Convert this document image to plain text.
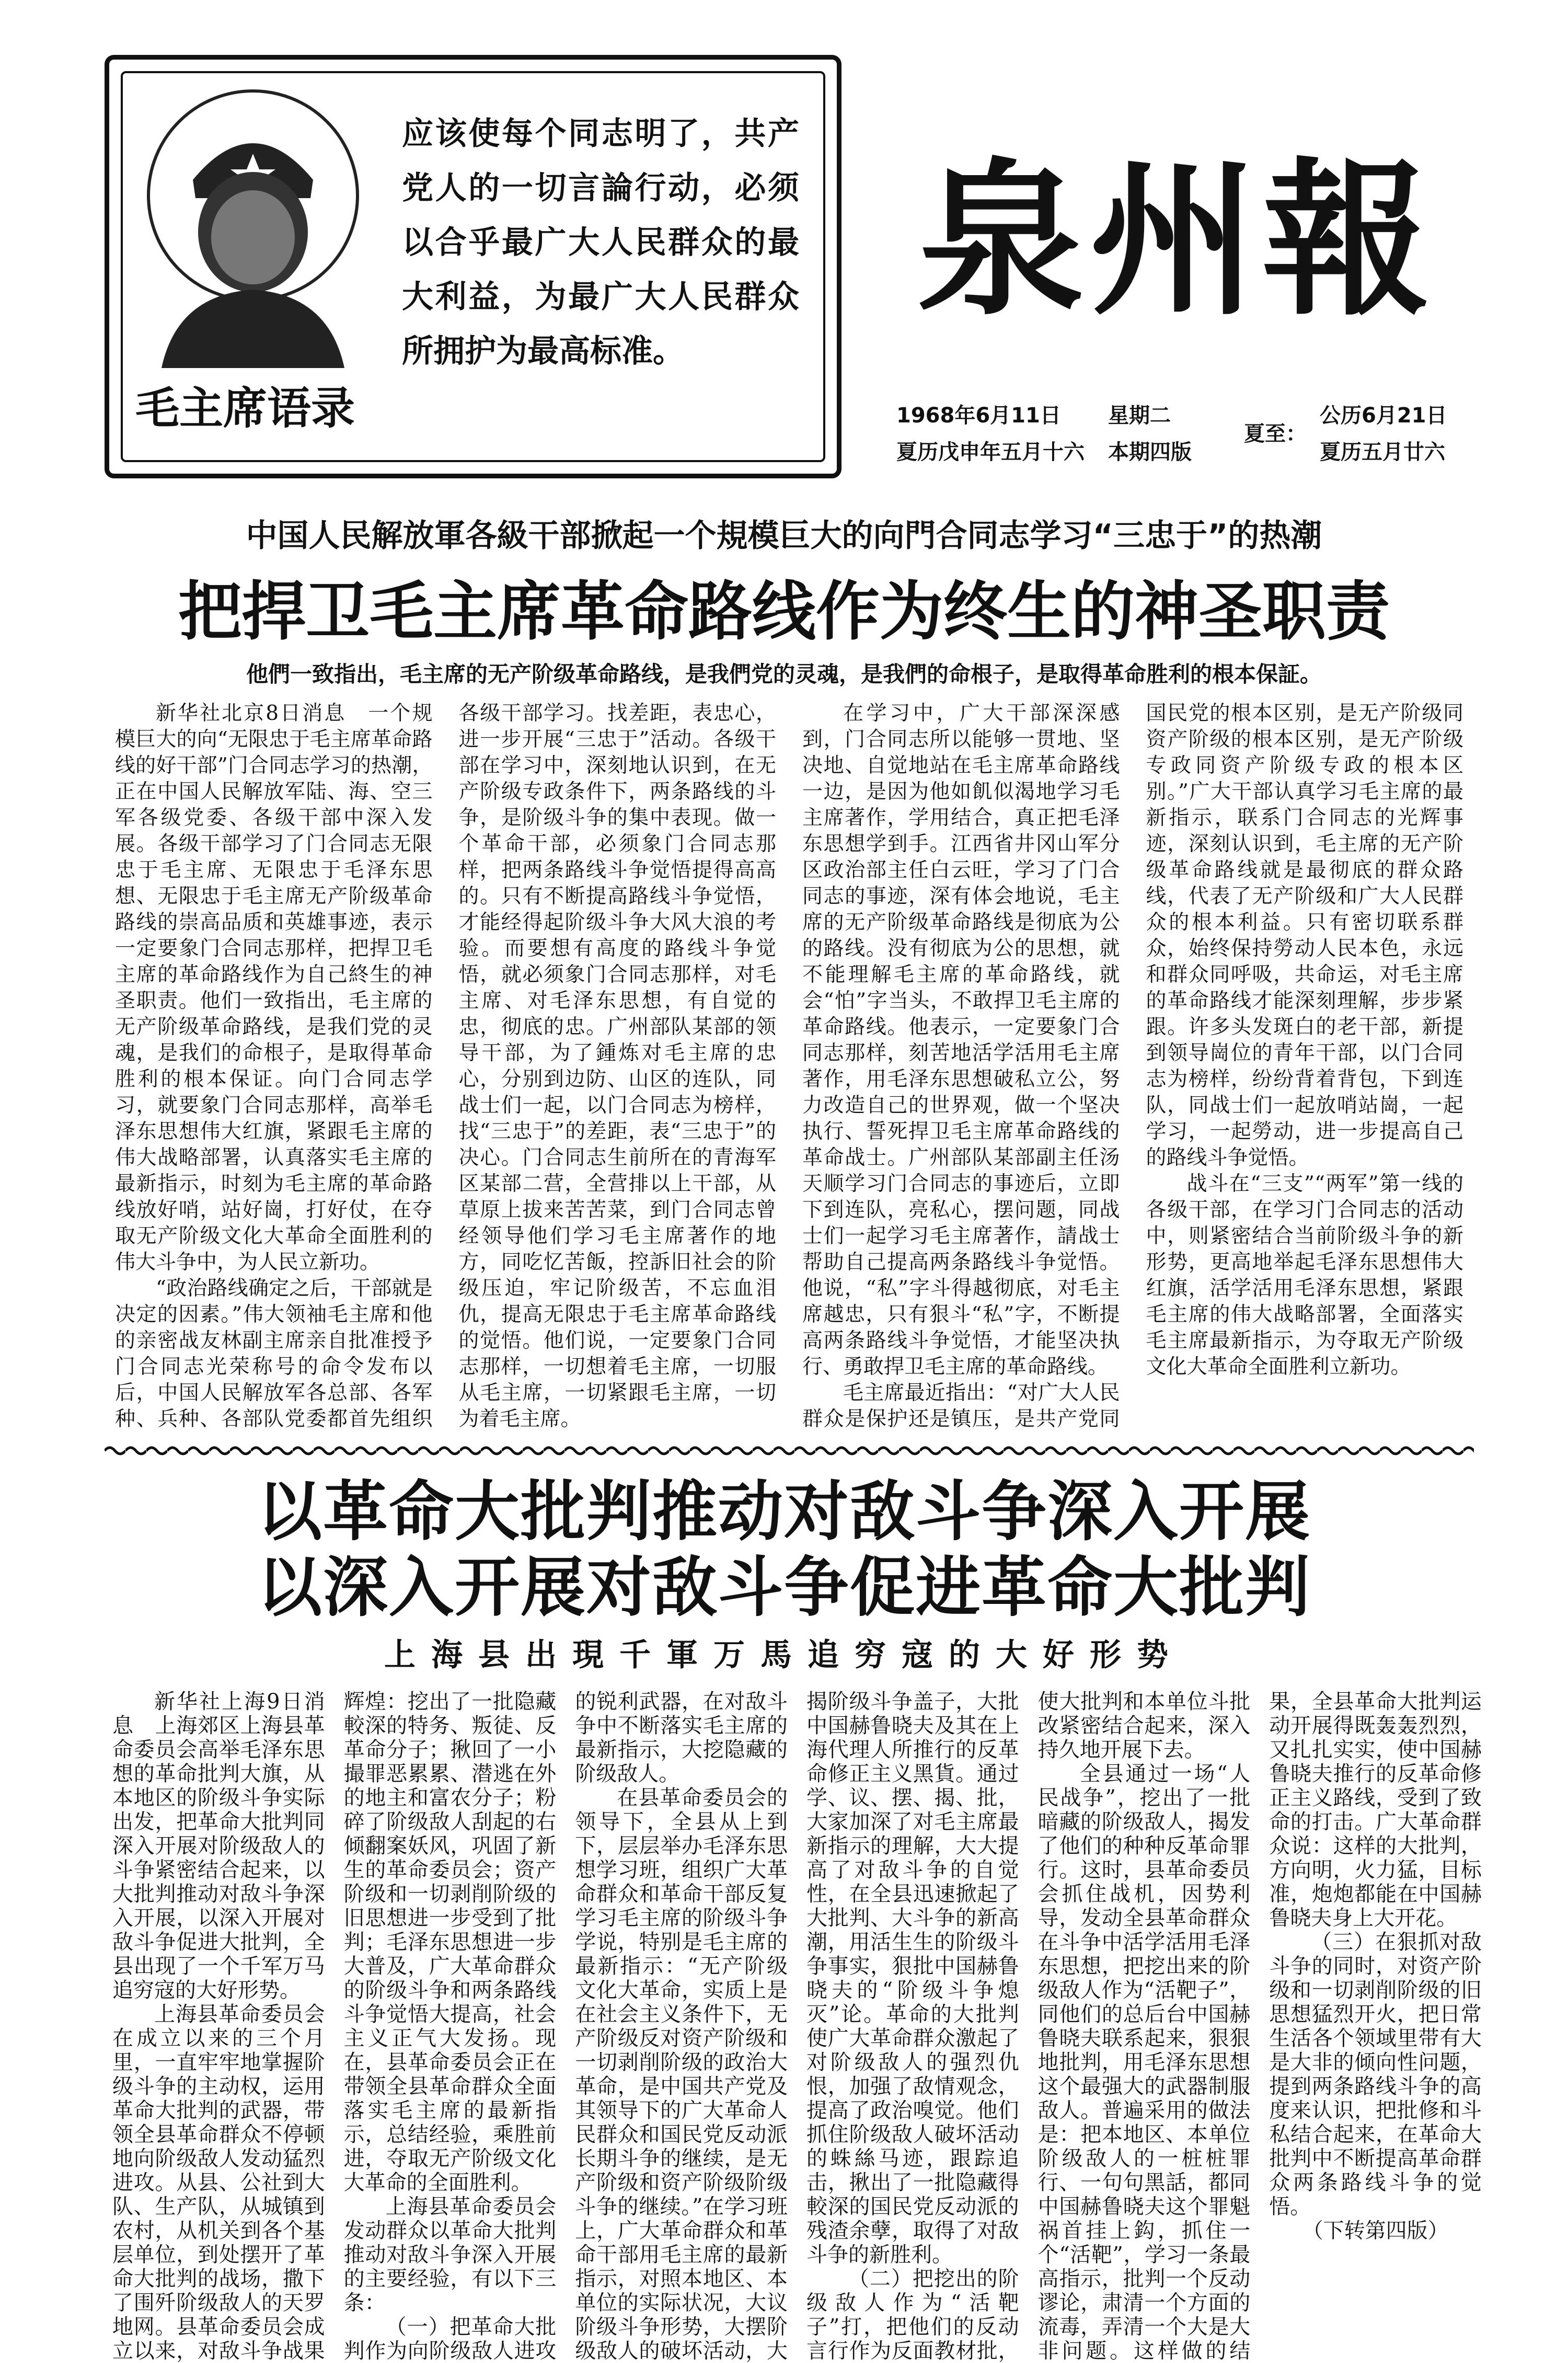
毛主席语录
应该使每个同志明了，共产党人的一切言論行动，必须以合乎最广大人民群众的最大利益，为最广大人民群众所拥护为最高标准。
泉州報
1968年6月11日 星期二
夏历戊申年五月十六 本期四版
夏至：
公历6月21日
夏历五月廿六
中国人民解放軍各級干部掀起一个規模巨大的向門合同志学习“三忠于”的热潮
把捍卫毛主席革命路线作为终生的神圣职责
他們一致指出，毛主席的无产阶级革命路线，是我們党的灵魂，是我們的命根子，是取得革命胜利的根本保証。

新华社北京8日消息　一个规模巨大的向“无限忠于毛主席革命路线的好干部”门合同志学习的热潮，正在中国人民解放军陆、海、空三军各级党委、各级干部中深入发展。各级干部学习了门合同志无限忠于毛主席、无限忠于毛泽东思想、无限忠于毛主席无产阶级革命路线的崇高品质和英雄事迹，表示一定要象门合同志那样，把捍卫毛主席的革命路线作为自己終生的神圣职责。他们一致指出，毛主席的无产阶级革命路线，是我们党的灵魂，是我们的命根子，是取得革命胜利的根本保证。向门合同志学习，就要象门合同志那样，高举毛泽东思想伟大红旗，紧跟毛主席的伟大战略部署，认真落实毛主席的最新指示，时刻为毛主席的革命路线放好哨，站好崗，打好仗，在夺取无产阶级文化大革命全面胜利的伟大斗争中，为人民立新功。

“政治路线确定之后，干部就是决定的因素。”伟大领袖毛主席和他的亲密战友林副主席亲自批准授予门合同志光荣称号的命令发布以后，中国人民解放军各总部、各军种、兵种、各部队党委都首先组织各级干部学习。找差距，表忠心，进一步开展“三忠于”活动。各级干部在学习中，深刻地认识到，在无产阶级专政条件下，两条路线的斗争，是阶级斗争的集中表现。做一个革命干部，必须象门合同志那样，把两条路线斗争觉悟提得高高的。只有不断提高路线斗争觉悟，才能经得起阶级斗争大风大浪的考验。而要想有高度的路线斗争觉悟，就必须象门合同志那样，对毛主席、对毛泽东思想，有自觉的忠，彻底的忠。广州部队某部的领导干部，为了鍾炼对毛主席的忠心，分别到边防、山区的连队，同战士们一起，以门合同志为榜样，找“三忠于”的差距，表“三忠于”的决心。门合同志生前所在的青海军区某部二营，全营排以上干部，从草原上拔来苦苦菜，到门合同志曾经领导他们学习毛主席著作的地方，同吃忆苦飯，控訴旧社会的阶级压迫，牢记阶级苦，不忘血泪仇，提高无限忠于毛主席革命路线的觉悟。他们说，一定要象门合同志那样，一切想着毛主席，一切服从毛主席，一切紧跟毛主席，一切为着毛主席。

在学习中，广大干部深深感到，门合同志所以能够一贯地、坚决地、自觉地站在毛主席革命路线一边，是因为他如飢似渴地学习毛主席著作，学用结合，真正把毛泽东思想学到手。江西省井冈山军分区政治部主任白云旺，学习了门合同志的事迹，深有体会地说，毛主席的无产阶级革命路线是彻底为公的路线。没有彻底为公的思想，就不能理解毛主席的革命路线，就会“怕”字当头，不敢捍卫毛主席的革命路线。他表示，一定要象门合同志那样，刻苦地活学活用毛主席著作，用毛泽东思想破私立公，努力改造自己的世界观，做一个坚决执行、誓死捍卫毛主席革命路线的革命战士。广州部队某部副主任汤天顺学习门合同志的事迹后，立即下到连队，亮私心，摆问题，同战士们一起学习毛主席著作，請战士帮助自己提高两条路线斗争觉悟。他说，“私”字斗得越彻底，对毛主席越忠，只有狠斗“私”字，不断提高两条路线斗争觉悟，才能坚决执行、勇敢捍卫毛主席的革命路线。

毛主席最近指出：“对广大人民群众是保护还是镇压，是共产党同国民党的根本区别，是无产阶级同资产阶级的根本区别，是无产阶级专政同资产阶级专政的根本区别。”广大干部认真学习毛主席的最新指示，联系门合同志的光辉事迹，深刻认识到，毛主席的无产阶级革命路线就是最彻底的群众路线，代表了无产阶级和广大人民群众的根本利益。只有密切联系群众，始终保持勞动人民本色，永远和群众同呼吸，共命运，对毛主席的革命路线才能深刻理解，步步紧跟。许多头发斑白的老干部，新提到领导崗位的青年干部，以门合同志为榜样，纷纷背着背包，下到连队，同战士们一起放哨站崗，一起学习，一起勞动，进一步提高自己的路线斗争觉悟。

战斗在“三支”“两军”第一线的各级干部，在学习门合同志的活动中，则紧密结合当前阶级斗争的新形势，更高地举起毛泽东思想伟大红旗，活学活用毛泽东思想，紧跟毛主席的伟大战略部署，全面落实毛主席最新指示，为夺取无产阶级文化大革命全面胜利立新功。

以革命大批判推动对敌斗争深入开展
以深入开展对敌斗争促进革命大批判
上海县出現千軍万馬追穷寇的大好形势

新华社上海9日消息　上海郊区上海县革命委员会高举毛泽东思想的革命批判大旗，从本地区的阶级斗争实际出发，把革命大批判同深入开展对阶级敌人的斗争紧密结合起来，以大批判推动对敌斗争深入开展，以深入开展对敌斗争促进大批判，全县出现了一个千军万马追穷寇的大好形势。

上海县革命委员会在成立以来的三个月里，一直牢牢地掌握阶级斗争的主动权，运用革命大批判的武器，带领全县革命群众不停顿地向阶级敌人发动猛烈进攻。从县、公社到大队、生产队，从城镇到农村，从机关到各个基层单位，到处摆开了革命大批判的战场，撒下了围歼阶级敌人的天罗地网。县革命委员会成立以来，对敌斗争战果辉煌：挖出了一批隐藏較深的特务、叛徒、反革命分子；揪回了一小撮罪恶累累、潜逃在外的地主和富农分子；粉碎了阶级敌人刮起的右倾翻案妖风，巩固了新生的革命委员会；资产阶级和一切剥削阶级的旧思想进一步受到了批判；毛泽东思想进一步大普及，广大革命群众的阶级斗争和两条路线斗争觉悟大提高，社会主义正气大发扬。现在，县革命委员会正在带领全县革命群众全面落实毛主席的最新指示，总结经验，乘胜前进，夺取无产阶级文化大革命的全面胜利。

上海县革命委员会发动群众以革命大批判推动对敌斗争深入开展的主要经验，有以下三条：

（一）把革命大批判作为向阶级敌人进攻的锐利武器，在对敌斗争中不断落实毛主席的最新指示，大挖隐藏的阶级敌人。

在县革命委员会的领导下，全县从上到下，层层举办毛泽东思想学习班，组织广大革命群众和革命干部反复学习毛主席的阶级斗争学说，特别是毛主席的最新指示：“无产阶级文化大革命，实质上是在社会主义条件下，无产阶级反对资产阶级和一切剥削阶级的政治大革命，是中国共产党及其领导下的广大革命人民群众和国民党反动派长期斗争的继续，是无产阶级和资产阶级阶级斗争的继续。”在学习班上，广大革命群众和革命干部用毛主席的最新指示，对照本地区、本单位的实际状况，大议阶级斗争形势，大摆阶级敌人的破坏活动，大揭阶级斗争盖子，大批中国赫鲁晓夫及其在上海代理人所推行的反革命修正主义黑貨。通过学、议、摆、揭、批，大家加深了对毛主席最新指示的理解，大大提高了对敌斗争的自觉性，在全县迅速掀起了大批判、大斗争的新高潮，用活生生的阶级斗争事实，狠批中国赫鲁晓夫的“阶级斗争熄灭”论。革命的大批判使广大革命群众激起了对阶级敌人的强烈仇恨，加强了敌情观念，提高了政治嗅觉。他们抓住阶级敌人破坏活动的蛛絲马迹，跟踪追击，揪出了一批隐藏得較深的国民党反动派的残渣余孽，取得了对敌斗争的新胜利。

（二）把挖出的阶级敌人作为“活靶子”打，把他们的反动言行作为反面教材批，使大批判和本单位斗批改紧密结合起来，深入持久地开展下去。

全县通过一场“人民战争”，挖出了一批暗藏的阶级敌人，揭发了他们的种种反革命罪行。这时，县革命委员会抓住战机，因势利导，发动全县革命群众在斗争中活学活用毛泽东思想，把挖出来的阶级敌人作为“活靶子”，同他们的总后台中国赫鲁晓夫联系起来，狠狠地批判，用毛泽东思想这个最强大的武器制服敌人。普遍采用的做法是：把本地区、本单位阶级敌人的一桩桩罪行、一句句黑話，都同中国赫鲁晓夫这个罪魁祸首挂上鈎，抓住一个“活靶”，学习一条最高指示，批判一个反动谬论，肃清一个方面的流毒，弄清一个大是大非问题。这样做的结果，全县革命大批判运动开展得既轰轰烈烈，又扎扎实实，使中国赫鲁晓夫推行的反革命修正主义路线，受到了致命的打击。广大革命群众说：这样的大批判，方向明，火力猛，目标准，炮炮都能在中国赫鲁晓夫身上大开花。

（三）在狠抓对敌斗争的同时，对资产阶级和一切剥削阶级的旧思想猛烈开火，把日常生活各个领域里带有大是大非的倾向性问题，提到两条路线斗争的高度来认识，把批修和斗私结合起来，在革命大批判中不断提高革命群众两条路线斗争的觉悟。

（下转第四版）
